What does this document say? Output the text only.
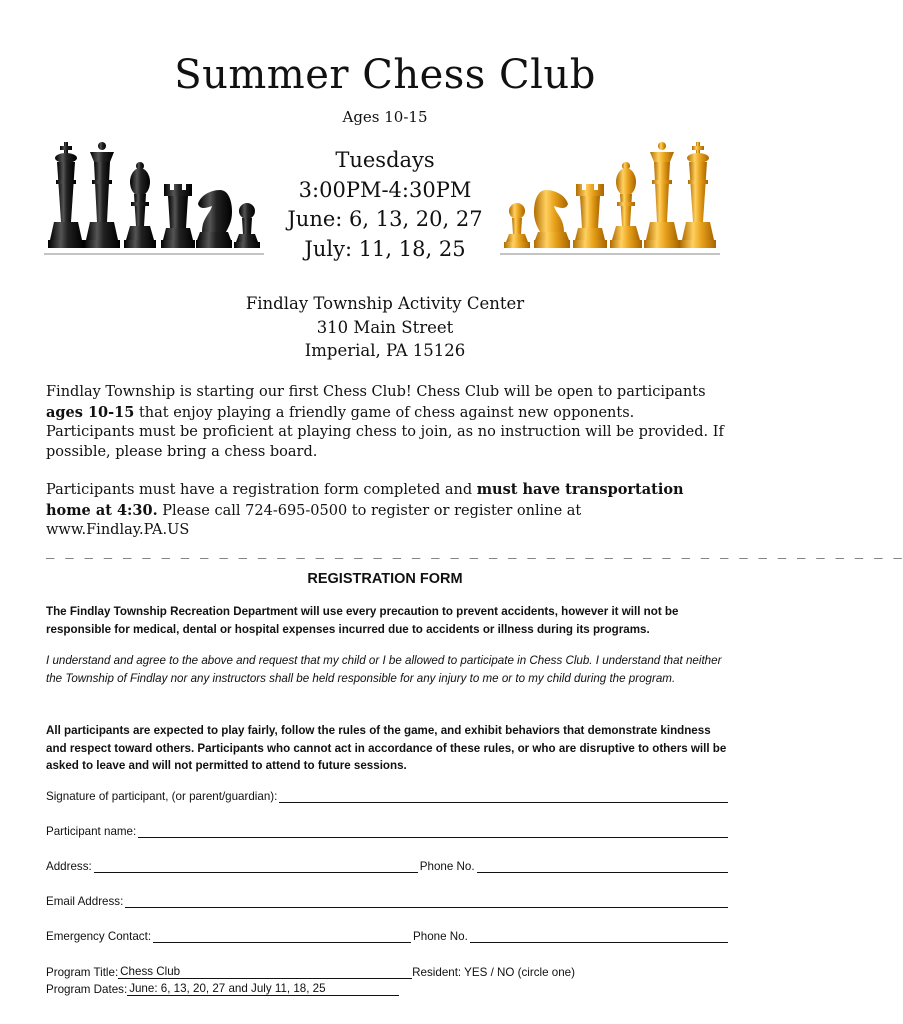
Summer Chess Club
Ages 10-15
Tuesdays
3:00PM-4:30PM
June: 6, 13, 20, 27
July: 11, 18, 25
Findlay Township Activity Center
310 Main Street
Imperial, PA 15126
Findlay Township is starting our first Chess Club! Chess Club will be open to participants ages 10-15 that enjoy playing a friendly game of chess against new opponents. Participants must be proficient at playing chess to join, as no instruction will be provided. If possible, please bring a chess board.
Participants must have a registration form completed and must have transportation home at 4:30. Please call 724-695-0500 to register or register online at www.Findlay.PA.US
_ _ _ _ _ _ _ _ _ _ _ _ _ _ _ _ _ _ _ _ _ _ _ _ _ _ _ _ _ _ _ _ _ _ _ _ _ _ _ _ _ _ _ _ _
REGISTRATION FORM
The Findlay Township Recreation Department will use every precaution to prevent accidents, however it will not be responsible for medical, dental or hospital expenses incurred due to accidents or illness during its programs.
I understand and agree to the above and request that my child or I be allowed to participate in Chess Club. I understand that neither the Township of Findlay nor any instructors shall be held responsible for any injury to me or to my child during the program.
All participants are expected to play fairly, follow the rules of the game, and exhibit behaviors that demonstrate kindness and respect toward others. Participants who cannot act in accordance of these rules, or who are disruptive to others will be asked to leave and will not permitted to attend to future sessions.
Signature of participant, (or parent/guardian):
Participant name:
Address:	Phone No.
Email Address:
Emergency Contact:	Phone No.
Program Title: Chess Club	Resident: YES / NO (circle one)
Program Dates: June: 6, 13, 20, 27 and July 11, 18, 25
